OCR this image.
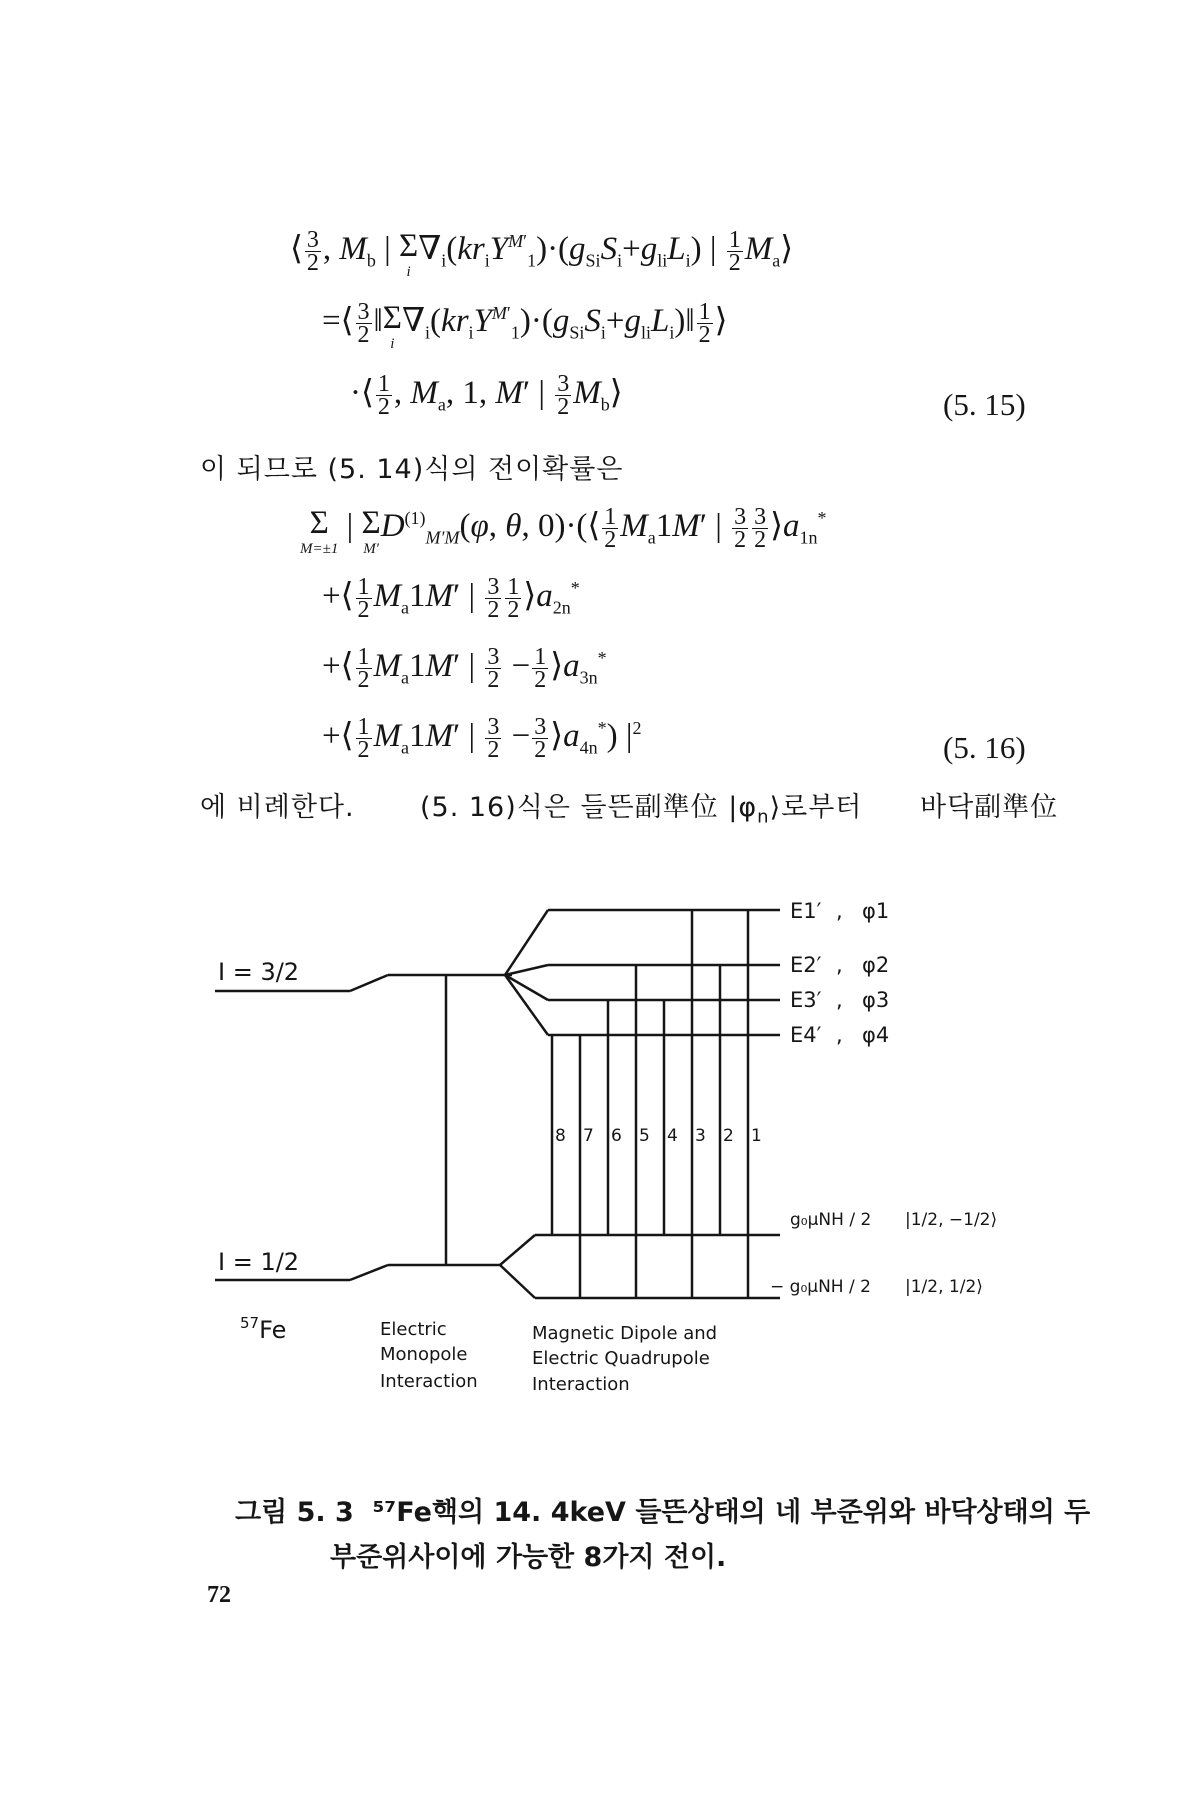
⟨ $\frac{3}{2}$ , $M_b$ | Σ
i
$\nabla_i(kr_iY^{M'}_1)\cdot(g_{Si}S_i+g_{li}L_i)$ | $\frac{1}{2}$ $M_a⟩$
=⟨ $\frac{3}{2}$ ‖Σ
i
$\nabla_i(kr_iY^{M'}_1)\cdot(g_{Si}S_i+g_{li}L_i)‖ \frac{1}{2}$ ⟩
·⟨ $\frac{1}{2}$ , $M_a$, 1, M′ | $\frac{3}{2}$ $M_b⟩$	(5. 15)
이 되므로 (5. 14)식의 전이확률은
Σ
M=±1
| Σ
M′
$D^{(1)}_{M'M}(\varphi$, θ, 0)·(⟨ $\frac{1}{2} M_a1M'$ | $\frac{3}{2} \frac{3}{2}$ $⟩a_{1n}^*$
+⟨ $\frac{1}{2} M_a1M'$ | $\frac{3}{2} \frac{1}{2}$ $⟩a_{2n}^*$
+⟨ $\frac{1}{2} M_a1M'$ | $\frac{3}{2} - \frac{1}{2}$ $⟩a_{3n}^*$
+⟨ $\frac{1}{2} M_a1M'$ | $\frac{3}{2} - \frac{3}{2}$ $⟩a_{4n}^*$) $|^2$
(5. 16)
에 비례한다. (5. 16)식은 들뜬副準位 $|\varphi_n⟩$로부터 바닥副準位
8 7 6 5 4 3 2 1
I = 3/2
I = 1/2
$^{57}$Fe
E1′
E2′
E3′
E4′
,
,
,
,
φ1
φ2
φ3
φ4
g₀μNH / 2
− g₀μNH / 2
|1/2, −1/2⟩
|1/2, 1/2⟩
Electric
Monopole
Interaction
Magnetic Dipole and
Electric Quadrupole
Interaction
그림 5. 3 ⁵⁷Fe핵의 14. 4keV 들뜬상태의 네 부준위와 바닥상태의 두
부준위사이에 가능한 8가지 전이.
72
